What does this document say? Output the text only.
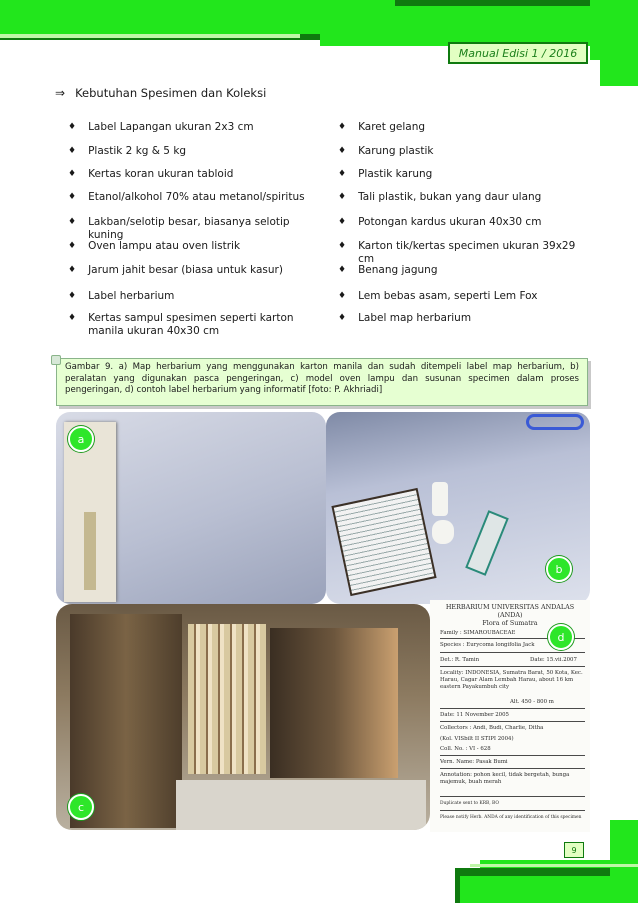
Manual Edisi 1 / 2016
⇒ Kebutuhan Spesimen dan Koleksi
♦ Label Lapangan ukuran 2x3 cm
♦ Plastik 2 kg & 5 kg
♦ Kertas koran ukuran tabloid
♦ Etanol/alkohol 70% atau metanol/spiritus
♦ Lakban/selotip besar, biasanya selotip kuning
♦ Oven lampu atau oven listrik
♦ Jarum jahit besar (biasa untuk kasur)
♦ Label herbarium
♦ Kertas sampul spesimen seperti karton manila ukuran 40x30 cm
♦ Karet gelang
♦ Karung plastik
♦ Plastik karung
♦ Tali plastik, bukan yang daur ulang
♦ Potongan kardus ukuran 40x30 cm
♦ Karton tik/kertas specimen ukuran 39x29 cm
♦ Benang jagung
♦ Lem bebas asam, seperti Lem Fox
♦ Label map herbarium
Gambar 9. a) Map herbarium yang menggunakan karton manila dan sudah ditempeli label map herbarium, b) peralatan yang digunakan pasca pengeringan, c) model oven lampu dan susunan specimen dalam proses pengeringan, d) contoh label herbarium yang informatif [foto: P. Akhriadi]
HERBARIUM UNIVERSITAS ANDALAS
(ANDA)
Flora of Sumatra
Family : SIMAROUBACEAE
Species : Eurycoma longifolia Jack
Det.: R. Tamin	Date: 15.vii.2007
Locality: INDONESIA, Sumatra Barat, 50 Kota, Kec. Harau, Cagar Alam Lembah Harau, about 16 km eastern Payakumbuh city
Alt. 450 - 800 m
Date: 11 November 2005
Collectors : Andi, Budi, Charlie, Ditha
(Kol. VISbilt II STIPI 2004)
Coll. No. : VI - 628
Vern. Name: Pasak Bumi
Annotation: pohon kecil, tidak bergetah, bunga majemuk, buah merah
Duplicate sent to KRB, BO
Please notify Herb. ANDA of any identification of this specimen
a
b
c
d
9
